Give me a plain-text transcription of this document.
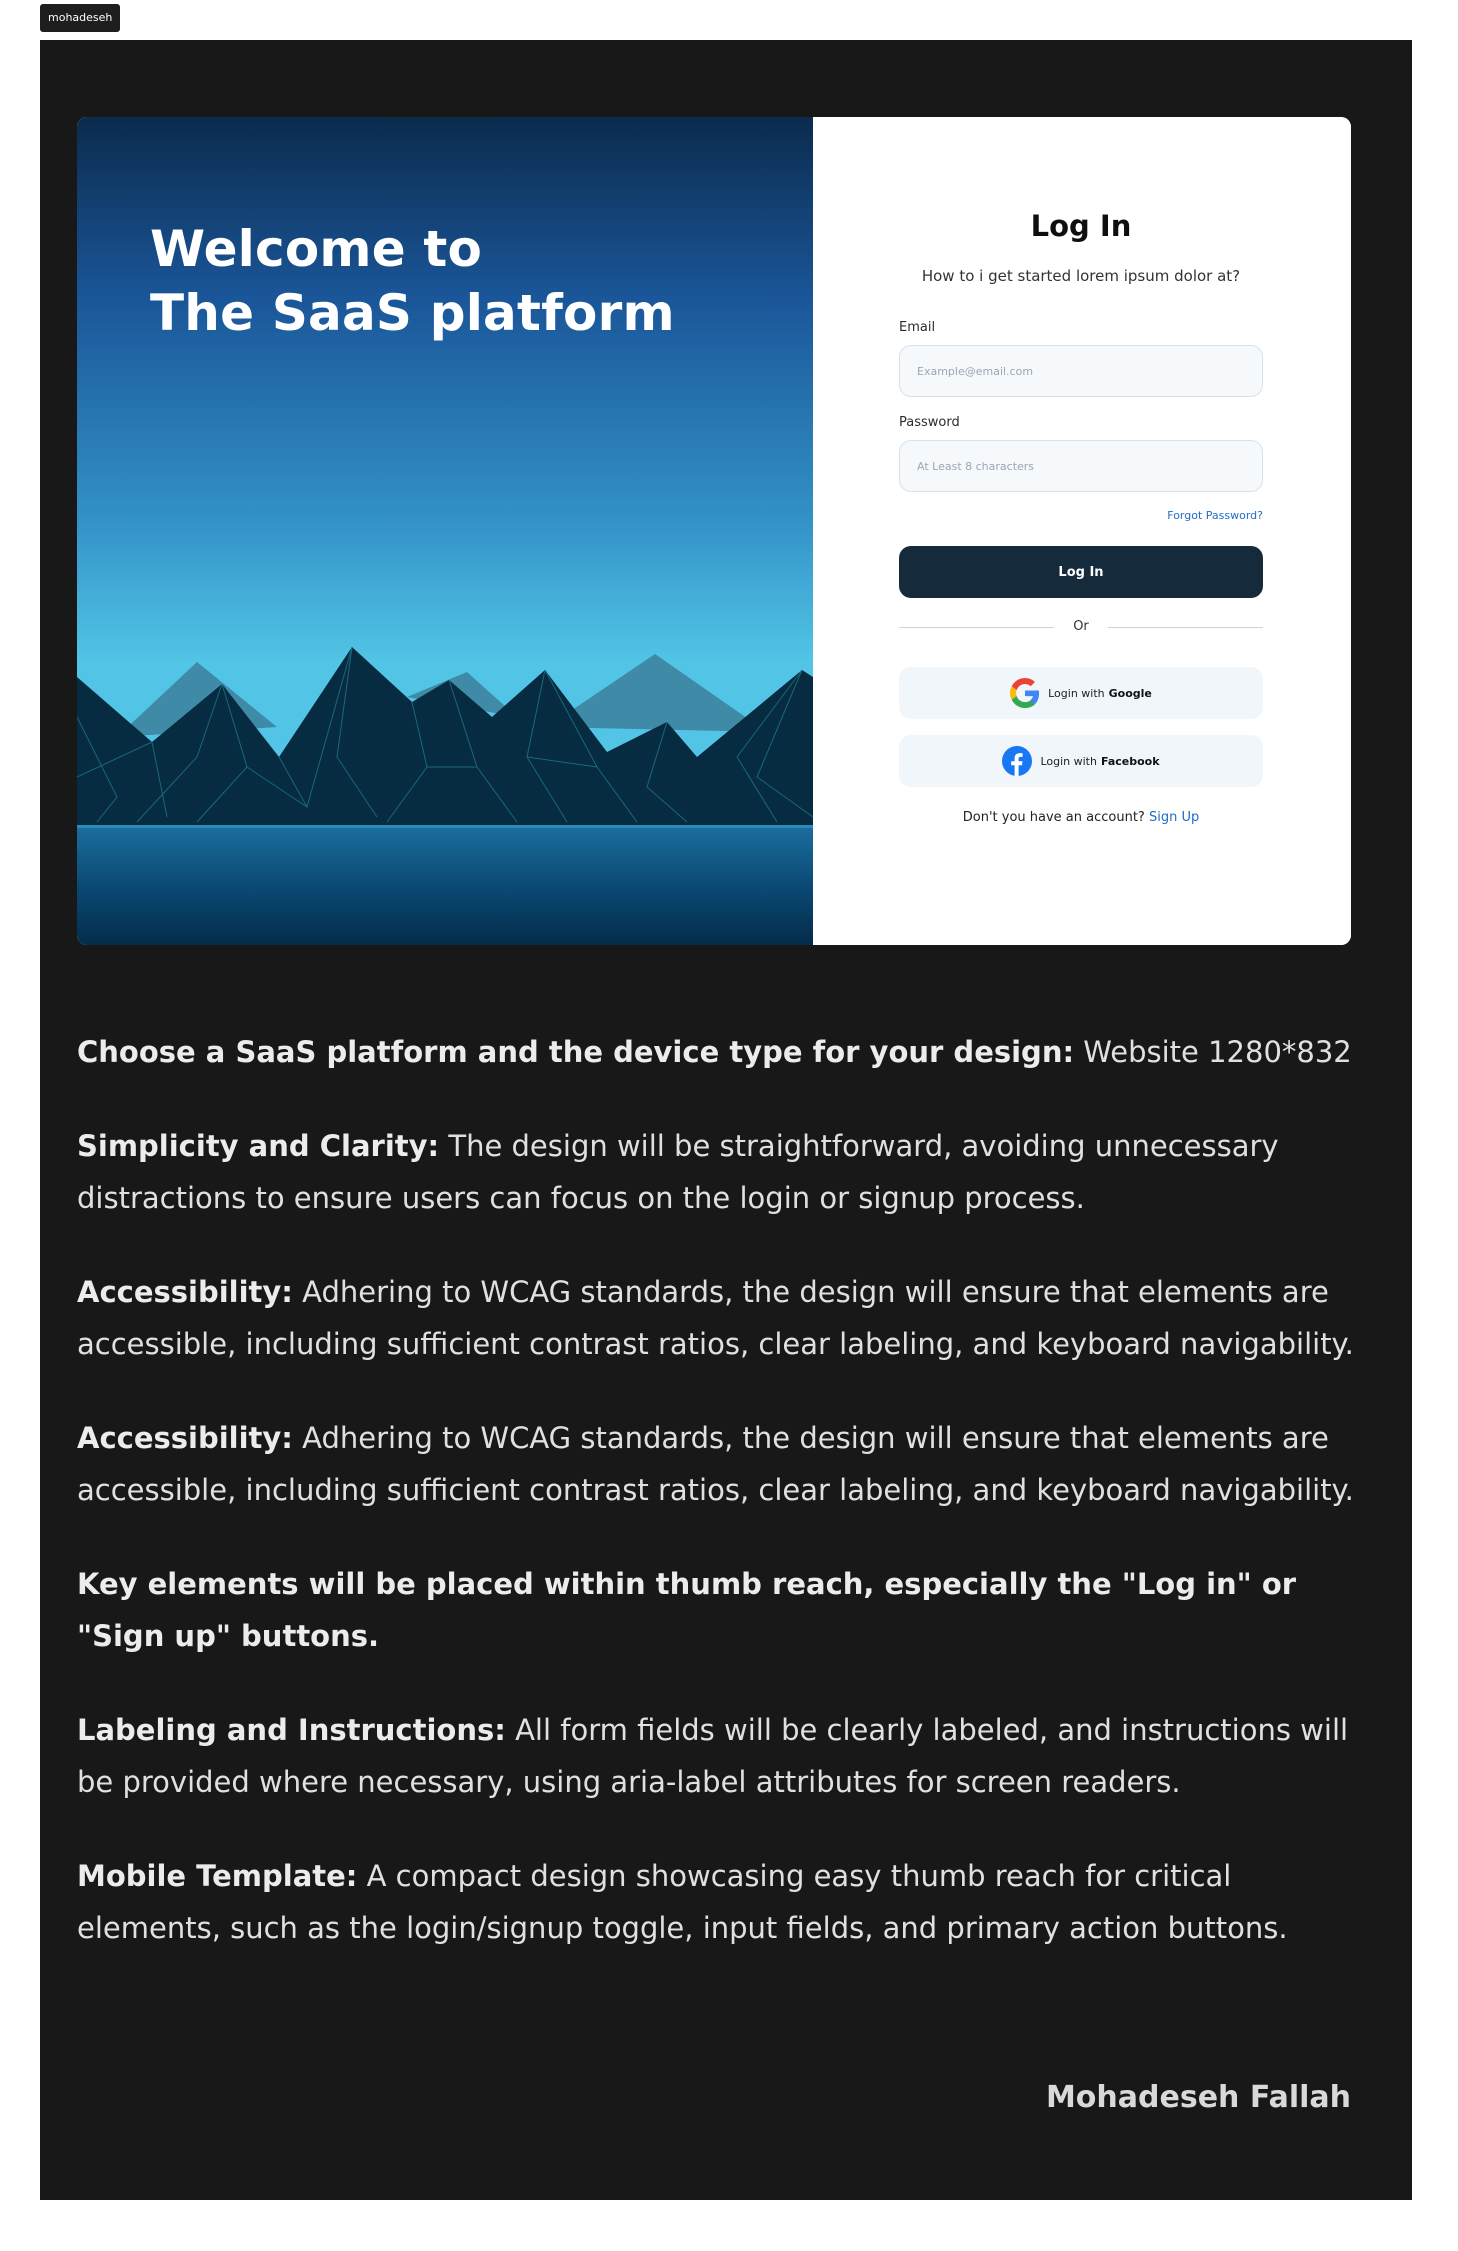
mohadeseh
Welcome to
The SaaS platform
Log In
How to i get started lorem ipsum dolor at?
Email
Example@email.com
Password
Forgot Password?
Log In
Or
Login with Google
Login with Facebook
Don't you have an account? Sign Up

Choose a SaaS platform and the device type for your design: Website 1280*832

Simplicity and Clarity: The design will be straightforward, avoiding unnecessary distractions to ensure users can focus on the login or signup process.

Accessibility: Adhering to WCAG standards, the design will ensure that elements are accessible, including sufficient contrast ratios, clear labeling, and keyboard navigability.

Accessibility: Adhering to WCAG standards, the design will ensure that elements are accessible, including sufficient contrast ratios, clear labeling, and keyboard navigability.

Key elements will be placed within thumb reach, especially the "Log in" or "Sign up" buttons.

Labeling and Instructions: All form fields will be clearly labeled, and instructions will be provided where necessary, using aria-label attributes for screen readers.

Mobile Template: A compact design showcasing easy thumb reach for critical elements, such as the login/signup toggle, input fields, and primary action buttons.

Mohadeseh Fallah
